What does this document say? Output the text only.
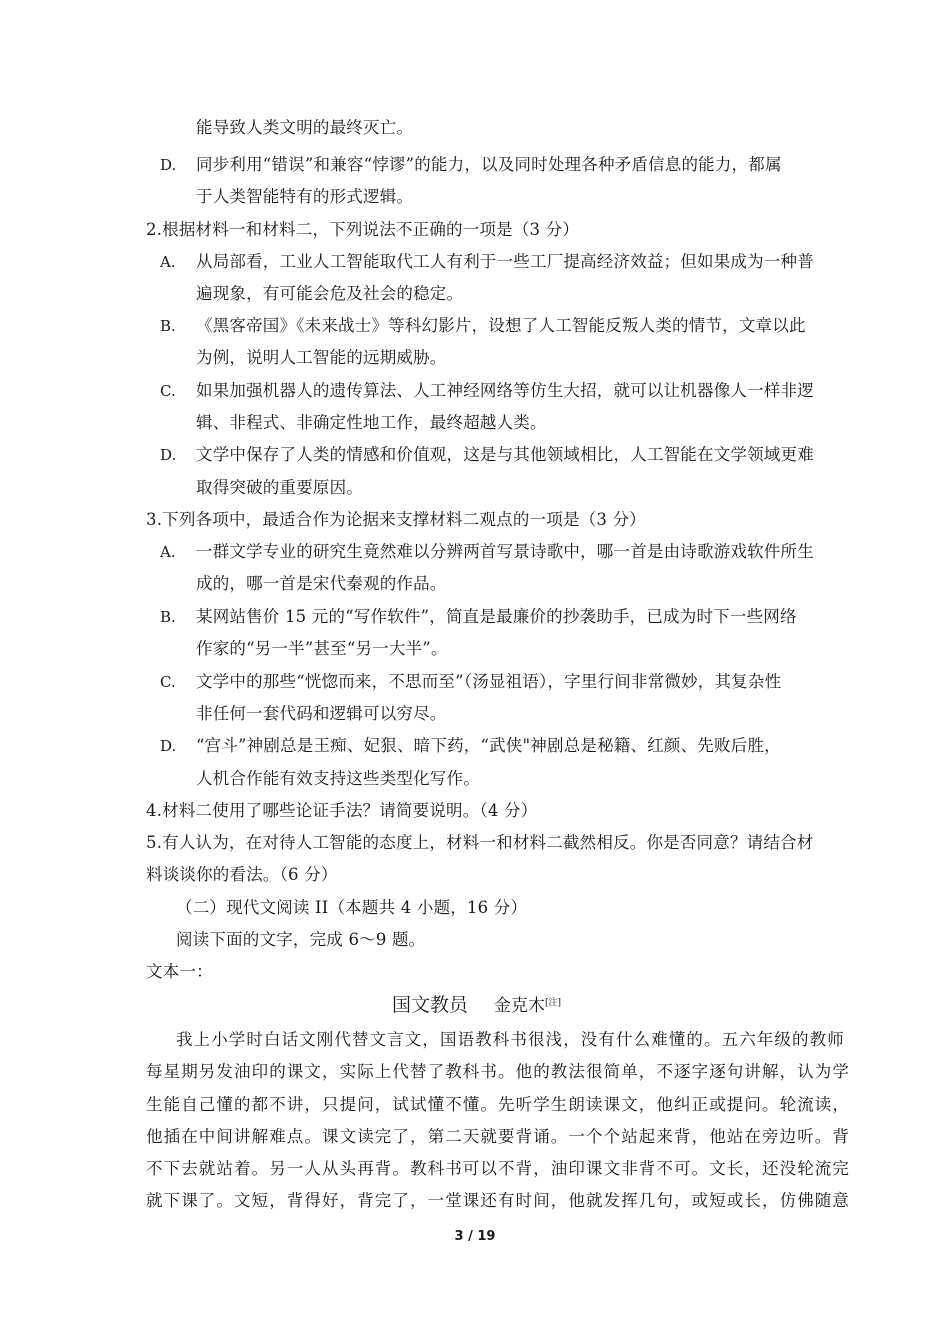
能导致人类文明的最终灭亡。
D. 同步利用“错误”和兼容“悖谬”的能力，以及同时处理各种矛盾信息的能力，都属
于人类智能特有的形式逻辑。
2.根据材料一和材料二，下列说法不正确的一项是（3 分）
A. 从局部看，工业人工智能取代工人有利于一些工厂提高经济效益；但如果成为一种普
遍现象，有可能会危及社会的稳定。
B. 《黑客帝国》《未来战士》等科幻影片，设想了人工智能反叛人类的情节，文章以此
为例，说明人工智能的远期威胁。
C. 如果加强机器人的遗传算法、人工神经网络等仿生大招，就可以让机器像人一样非逻
辑、非程式、非确定性地工作，最终超越人类。
D. 文学中保存了人类的情感和价值观，这是与其他领域相比，人工智能在文学领域更难
取得突破的重要原因。
3.下列各项中，最适合作为论据来支撑材料二观点的一项是（3 分）
A. 一群文学专业的研究生竟然难以分辨两首写景诗歌中，哪一首是由诗歌游戏软件所生
成的，哪一首是宋代秦观的作品。
B. 某网站售价 15 元的“写作软件”，简直是最廉价的抄袭助手，已成为时下一些网络
作家的“另一半”甚至“另一大半”。
C. 文学中的那些“恍惚而来，不思而至”（汤显祖语），字里行间非常微妙，其复杂性
非任何一套代码和逻辑可以穷尽。
D. “宫斗”神剧总是王痴、妃狠、暗下药，“武侠"神剧总是秘籍、红颜、先败后胜，
人机合作能有效支持这些类型化写作。
4.材料二使用了哪些论证手法？请简要说明。（4 分）
5.有人认为，在对待人工智能的态度上，材料一和材料二截然相反。你是否同意？请结合材
料谈谈你的看法。（6 分）
（二）现代文阅读 II（本题共 4 小题，16 分）
阅读下面的文字，完成 6～9 题。
文本一：
国文教员 金克木[注]
我上小学时白话文刚代替文言文，国语教科书很浅，没有什么难懂的。五六年级的教师
每星期另发油印的课文，实际上代替了教科书。他的教法很简单，不逐字逐句讲解，认为学
生能自己懂的都不讲，只提问，试试懂不懂。先听学生朗读课文，他纠正或提问。轮流读，
他插在中间讲解难点。课文读完了，第二天就要背诵。一个个站起来背，他站在旁边听。背
不下去就站着。另一人从头再背。教科书可以不背，油印课文非背不可。文长，还没轮流完
就下课了。文短，背得好，背完了，一堂课还有时间，他就发挥几句，或短或长，仿佛随意
3 / 19
